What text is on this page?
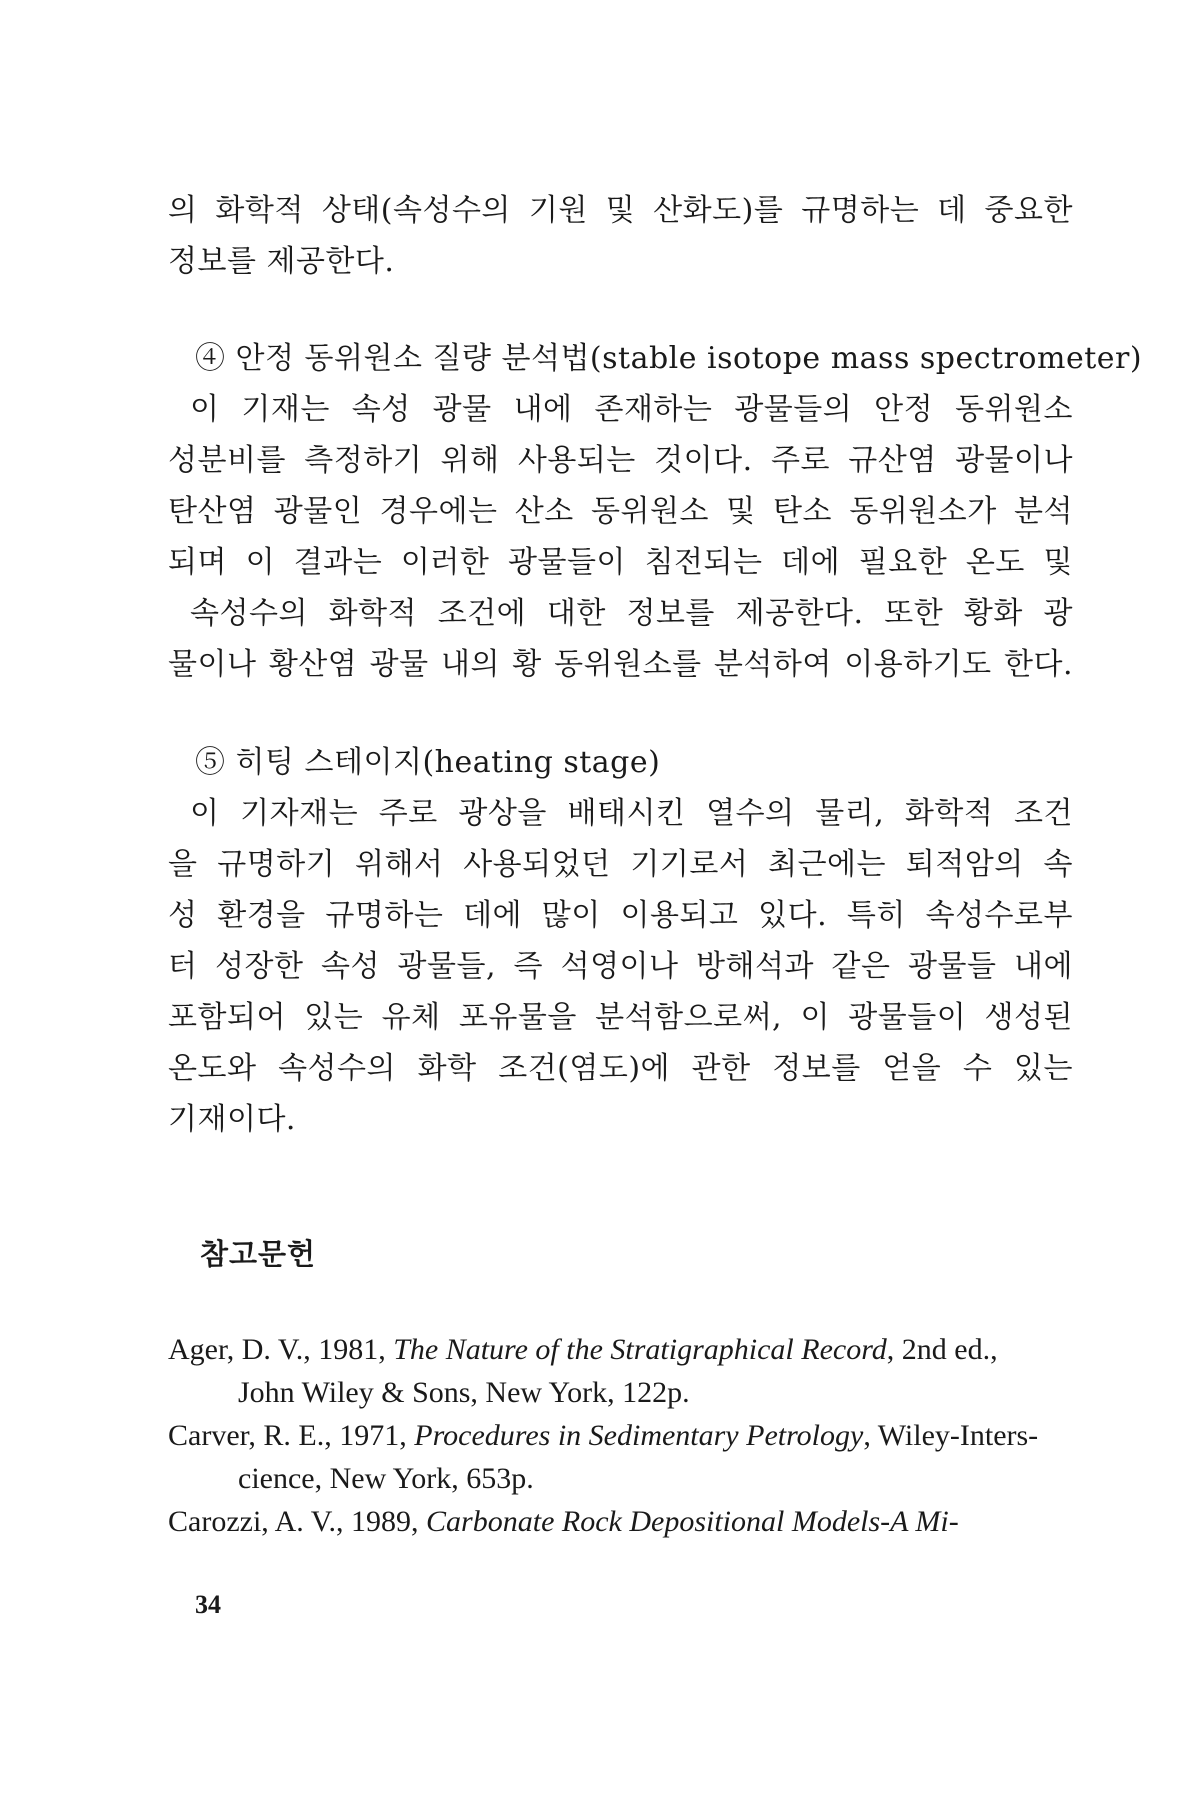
의 화학적 상태(속성수의 기원 및 산화도)를 규명하는 데 중요한

정보를 제공한다.

④ 안정 동위원소 질량 분석법(stable isotope mass spectrometer)

이 기재는 속성 광물 내에 존재하는 광물들의 안정 동위원소

성분비를 측정하기 위해 사용되는 것이다. 주로 규산염 광물이나

탄산염 광물인 경우에는 산소 동위원소 및 탄소 동위원소가 분석

되며 이 결과는 이러한 광물들이 침전되는 데에 필요한 온도 및

속성수의 화학적 조건에 대한 정보를 제공한다. 또한 황화 광

물이나 황산염 광물 내의 황 동위원소를 분석하여 이용하기도 한다.

⑤ 히팅 스테이지(heating stage)

이 기자재는 주로 광상을 배태시킨 열수의 물리, 화학적 조건

을 규명하기 위해서 사용되었던 기기로서 최근에는 퇴적암의 속

성 환경을 규명하는 데에 많이 이용되고 있다. 특히 속성수로부

터 성장한 속성 광물들, 즉 석영이나 방해석과 같은 광물들 내에

포함되어 있는 유체 포유물을 분석함으로써, 이 광물들이 생성된

온도와 속성수의 화학 조건(염도)에 관한 정보를 얻을 수 있는

기재이다.

참고문헌

Ager, D. V., 1981, The Nature of the Stratigraphical Record, 2nd ed.,

John Wiley & Sons, New York, 122p.

Carver, R. E., 1971, Procedures in Sedimentary Petrology, Wiley-Inters-

cience, New York, 653p.

Carozzi, A. V., 1989, Carbonate Rock Depositional Models-A Mi-

34
